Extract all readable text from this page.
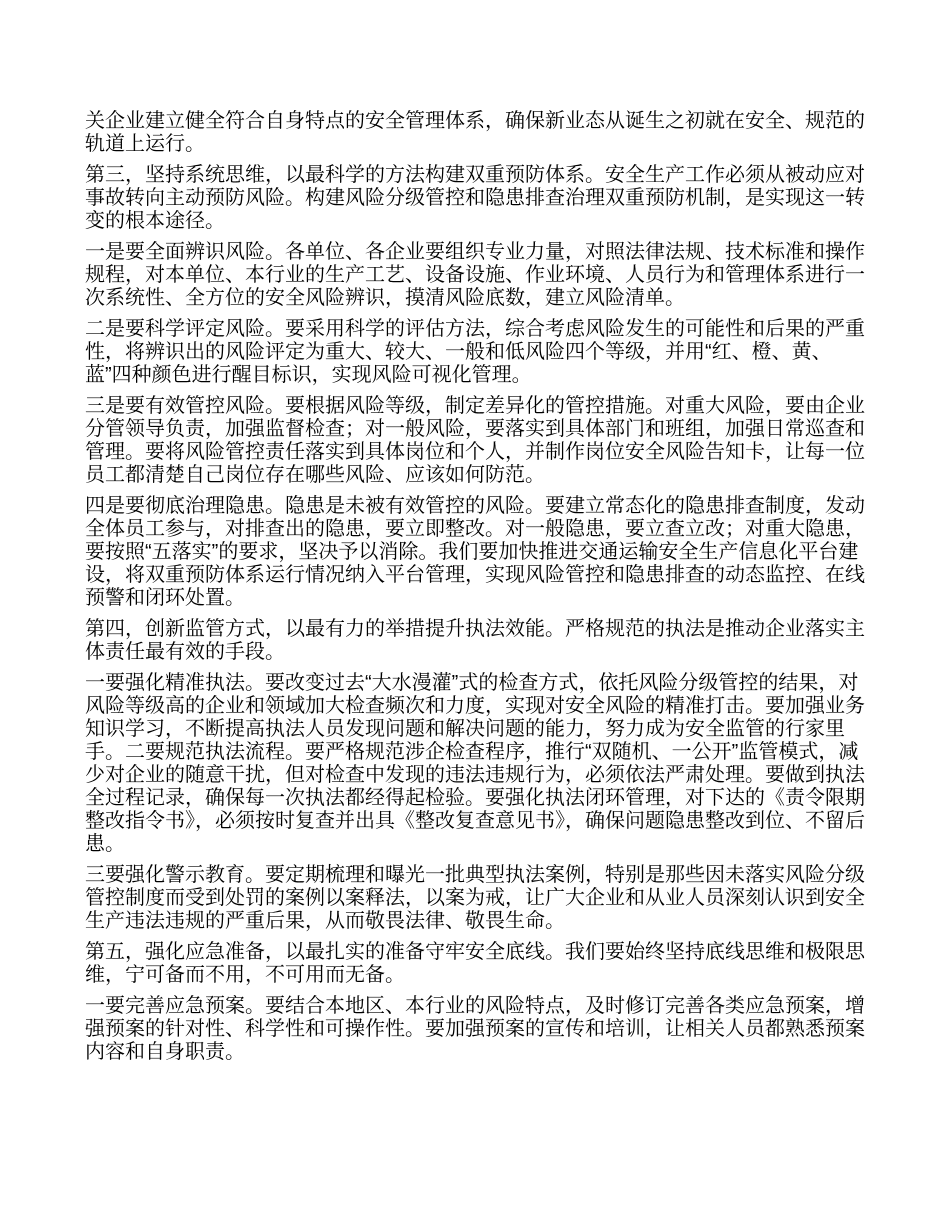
关企业建立健全符合自身特点的安全管理体系，确保新业态从诞生之初就在安全、规范的轨道上运行。

第三，坚持系统思维，以最科学的方法构建双重预防体系。安全生产工作必须从被动应对事故转向主动预防风险。构建风险分级管控和隐患排查治理双重预防机制，是实现这一转变的根本途径。

一是要全面辨识风险。各单位、各企业要组织专业力量，对照法律法规、技术标准和操作规程，对本单位、本行业的生产工艺、设备设施、作业环境、人员行为和管理体系进行一次系统性、全方位的安全风险辨识，摸清风险底数，建立风险清单。

二是要科学评定风险。要采用科学的评估方法，综合考虑风险发生的可能性和后果的严重性，将辨识出的风险评定为重大、较大、一般和低风险四个等级，并用“红、橙、黄、蓝”四种颜色进行醒目标识，实现风险可视化管理。

三是要有效管控风险。要根据风险等级，制定差异化的管控措施。对重大风险，要由企业分管领导负责，加强监督检查；对一般风险，要落实到具体部门和班组，加强日常巡查和管理。要将风险管控责任落实到具体岗位和个人，并制作岗位安全风险告知卡，让每一位员工都清楚自己岗位存在哪些风险、应该如何防范。

四是要彻底治理隐患。隐患是未被有效管控的风险。要建立常态化的隐患排查制度，发动全体员工参与，对排查出的隐患，要立即整改。对一般隐患，要立查立改；对重大隐患，要按照“五落实”的要求，坚决予以消除。我们要加快推进交通运输安全生产信息化平台建设，将双重预防体系运行情况纳入平台管理，实现风险管控和隐患排查的动态监控、在线预警和闭环处置。

第四，创新监管方式，以最有力的举措提升执法效能。严格规范的执法是推动企业落实主体责任最有效的手段。

一要强化精准执法。要改变过去“大水漫灌”式的检查方式，依托风险分级管控的结果，对风险等级高的企业和领域加大检查频次和力度，实现对安全风险的精准打击。要加强业务知识学习，不断提高执法人员发现问题和解决问题的能力，努力成为安全监管的行家里手。二要规范执法流程。要严格规范涉企检查程序，推行“双随机、一公开”监管模式，减少对企业的随意干扰，但对检查中发现的违法违规行为，必须依法严肃处理。要做到执法全过程记录，确保每一次执法都经得起检验。要强化执法闭环管理，对下达的《责令限期整改指令书》，必须按时复查并出具《整改复查意见书》，确保问题隐患整改到位、不留后患。

三要强化警示教育。要定期梳理和曝光一批典型执法案例，特别是那些因未落实风险分级管控制度而受到处罚的案例以案释法，以案为戒，让广大企业和从业人员深刻认识到安全生产违法违规的严重后果，从而敬畏法律、敬畏生命。

第五，强化应急准备，以最扎实的准备守牢安全底线。我们要始终坚持底线思维和极限思维，宁可备而不用，不可用而无备。

一要完善应急预案。要结合本地区、本行业的风险特点，及时修订完善各类应急预案，增强预案的针对性、科学性和可操作性。要加强预案的宣传和培训，让相关人员都熟悉预案内容和自身职责。
